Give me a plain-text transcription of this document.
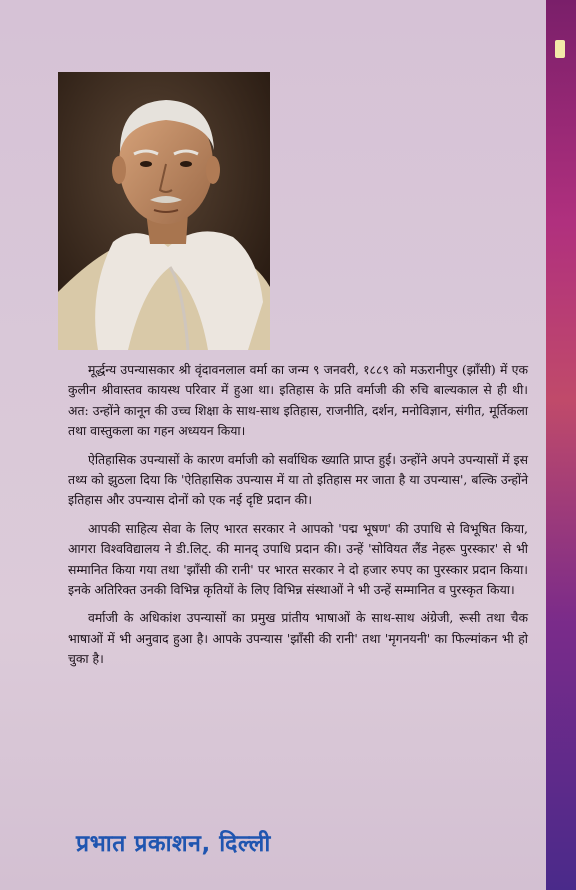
मूर्द्धन्य उपन्यासकार श्री वृंदावनलाल वर्मा का जन्म ९ जनवरी, १८८९ को मऊरानीपुर (झाँसी) में एक कुलीन श्रीवास्तव कायस्थ परिवार में हुआ था। इतिहास के प्रति वर्माजी की रुचि बाल्यकाल से ही थी। अत: उन्होंने कानून की उच्च शिक्षा के साथ-साथ इतिहास, राजनीति, दर्शन, मनोविज्ञान, संगीत, मूर्तिकला तथा वास्तुकला का गहन अध्ययन किया।

ऐतिहासिक उपन्यासों के कारण वर्माजी को सर्वाधिक ख्याति प्राप्त हुई। उन्होंने अपने उपन्यासों में इस तथ्य को झुठला दिया कि 'ऐतिहासिक उपन्यास में या तो इतिहास मर जाता है या उपन्यास', बल्कि उन्होंने इतिहास और उपन्यास दोनों को एक नई दृष्टि प्रदान की।

आपकी साहित्य सेवा के लिए भारत सरकार ने आपको 'पद्म भूषण' की उपाधि से विभूषित किया, आगरा विश्वविद्यालय ने डी.लिट्. की मानद् उपाधि प्रदान की। उन्हें 'सोवियत लैंड नेहरू पुरस्कार' से भी सम्मानित किया गया तथा 'झाँसी की रानी' पर भारत सरकार ने दो हजार रुपए का पुरस्कार प्रदान किया। इनके अतिरिक्त उनकी विभिन्न कृतियों के लिए विभिन्न संस्थाओं ने भी उन्हें सम्मानित व पुरस्कृत किया।

वर्माजी के अधिकांश उपन्यासों का प्रमुख प्रांतीय भाषाओं के साथ-साथ अंग्रेजी, रूसी तथा चैक भाषाओं में भी अनुवाद हुआ है। आपके उपन्यास 'झाँसी की रानी' तथा 'मृगनयनी' का फिल्मांकन भी हो चुका है।

प्रभात प्रकाशन, दिल्ली
